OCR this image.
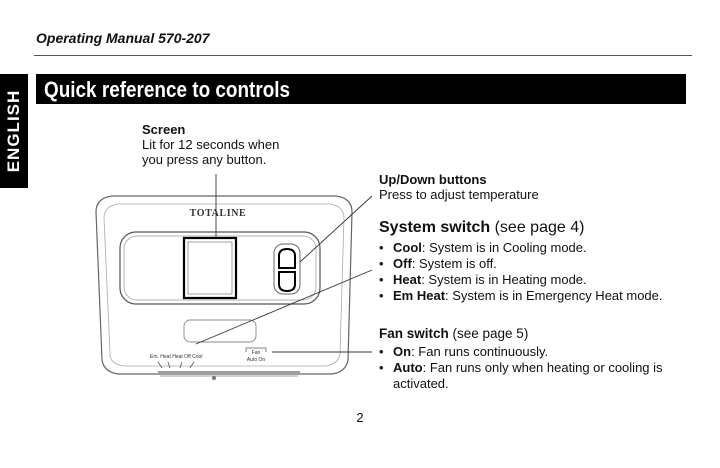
Operating Manual 570-207
ENGLISH
Quick reference to controls
TOTALINE
Em. Heat Heat Off Cool
Fan
Auto On
Screen
Lit for 12 seconds when
you press any button.
Up/Down buttons
Press to adjust temperature
System switch (see page 4)
• Cool: System is in Cooling mode.
• Off: System is off.
• Heat: System is in Heating mode.
• Em Heat: System is in Emergency Heat mode.
Fan switch (see page 5)
• On: Fan runs continuously.
• Auto: Fan runs only when heating or cooling is
activated.
2
